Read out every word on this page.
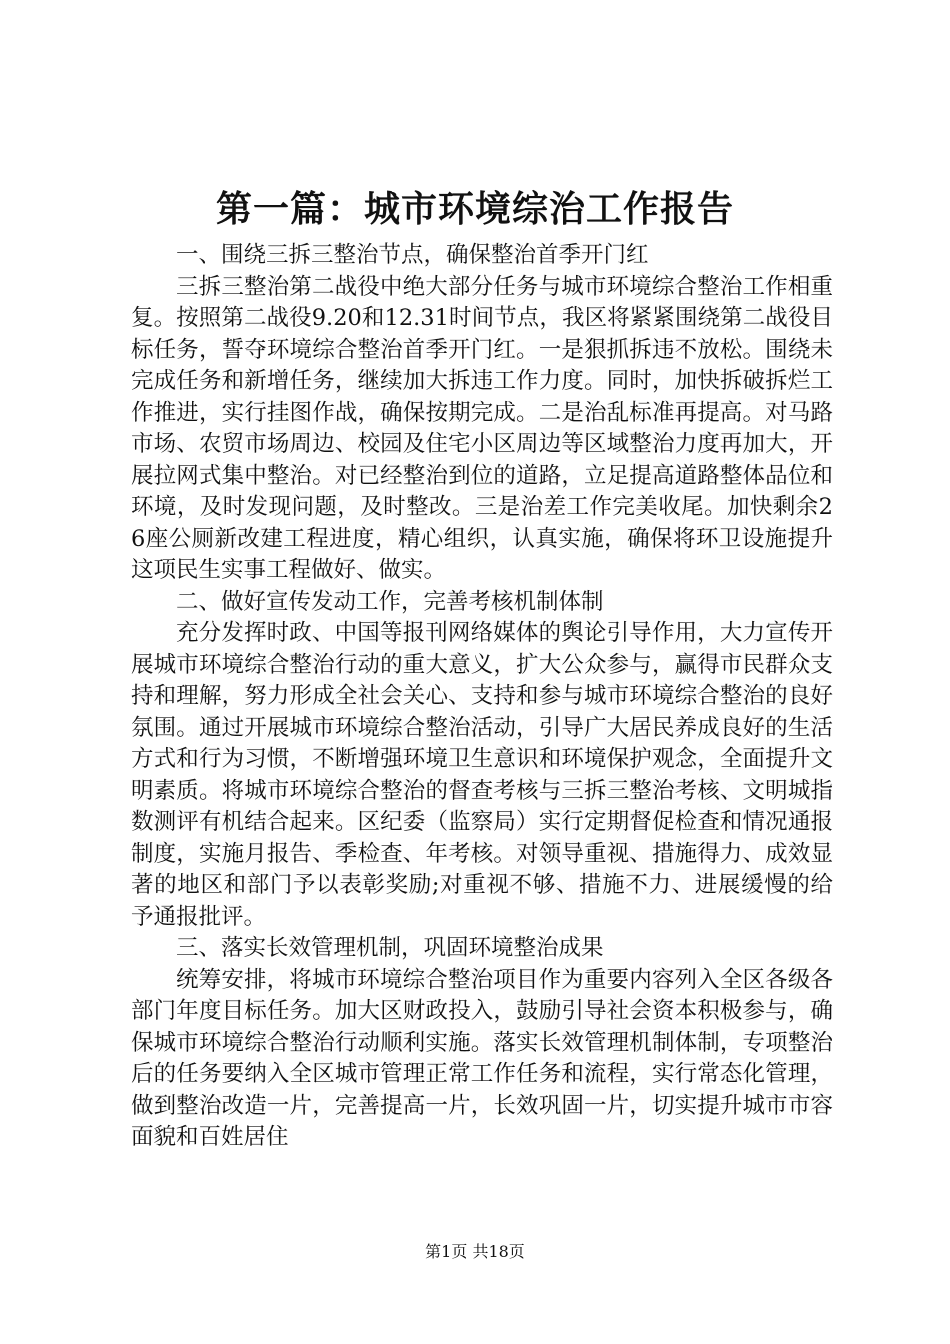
第一篇：城市环境综治工作报告

一、围绕三拆三整治节点，确保整治首季开门红

三拆三整治第二战役中绝大部分任务与城市环境综合整治工作相重复。按照第二战役9.20和12.31时间节点，我区将紧紧围绕第二战役目标任务，誓夺环境综合整治首季开门红。一是狠抓拆违不放松。围绕未完成任务和新增任务，继续加大拆违工作力度。同时，加快拆破拆烂工作推进，实行挂图作战，确保按期完成。二是治乱标准再提高。对马路市场、农贸市场周边、校园及住宅小区周边等区域整治力度再加大，开展拉网式集中整治。对已经整治到位的道路，立足提高道路整体品位和环境，及时发现问题，及时整改。三是治差工作完美收尾。加快剩余26座公厕新改建工程进度，精心组织，认真实施，确保将环卫设施提升这项民生实事工程做好、做实。

二、做好宣传发动工作，完善考核机制体制

充分发挥时政、中国等报刊网络媒体的舆论引导作用，大力宣传开展城市环境综合整治行动的重大意义，扩大公众参与，赢得市民群众支持和理解，努力形成全社会关心、支持和参与城市环境综合整治的良好氛围。通过开展城市环境综合整治活动，引导广大居民养成良好的生活方式和行为习惯，不断增强环境卫生意识和环境保护观念，全面提升文明素质。将城市环境综合整治的督查考核与三拆三整治考核、文明城指数测评有机结合起来。区纪委（监察局）实行定期督促检查和情况通报制度，实施月报告、季检查、年考核。对领导重视、措施得力、成效显著的地区和部门予以表彰奖励;对重视不够、措施不力、进展缓慢的给予通报批评。

三、落实长效管理机制，巩固环境整治成果

统筹安排，将城市环境综合整治项目作为重要内容列入全区各级各部门年度目标任务。加大区财政投入，鼓励引导社会资本积极参与，确保城市环境综合整治行动顺利实施。落实长效管理机制体制，专项整治后的任务要纳入全区城市管理正常工作任务和流程，实行常态化管理，做到整治改造一片，完善提高一片，长效巩固一片，切实提升城市市容面貌和百姓居住

第1页 共18页
